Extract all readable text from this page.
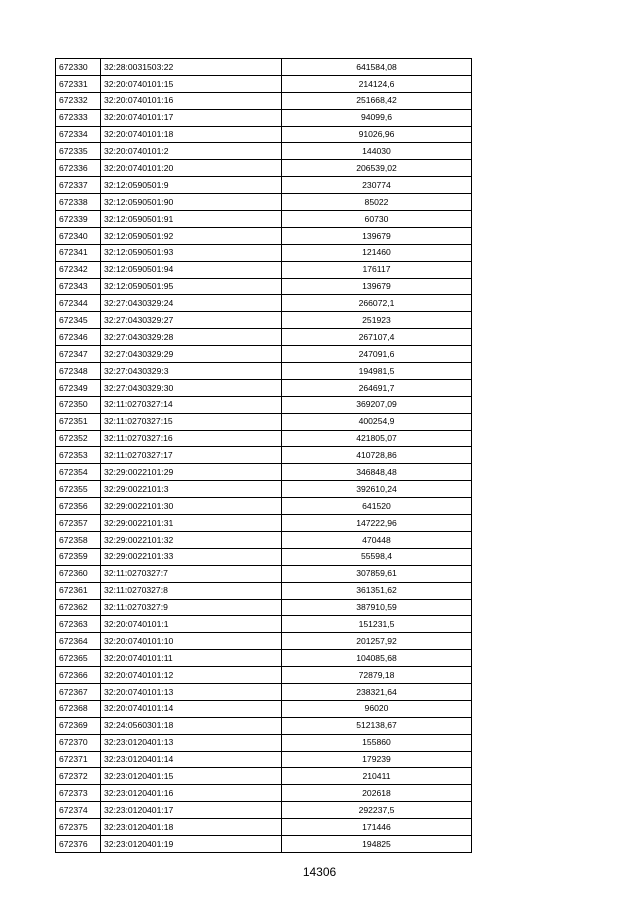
672330	32:28:0031503:22	641584,08
672331	32:20:0740101:15	214124,6
672332	32:20:0740101:16	251668,42
672333	32:20:0740101:17	94099,6
672334	32:20:0740101:18	91026,96
672335	32:20:0740101:2	144030
672336	32:20:0740101:20	206539,02
672337	32:12:0590501:9	230774
672338	32:12:0590501:90	85022
672339	32:12:0590501:91	60730
672340	32:12:0590501:92	139679
672341	32:12:0590501:93	121460
672342	32:12:0590501:94	176117
672343	32:12:0590501:95	139679
672344	32:27:0430329:24	266072,1
672345	32:27:0430329:27	251923
672346	32:27:0430329:28	267107,4
672347	32:27:0430329:29	247091,6
672348	32:27:0430329:3	194981,5
672349	32:27:0430329:30	264691,7
672350	32:11:0270327:14	369207,09
672351	32:11:0270327:15	400254,9
672352	32:11:0270327:16	421805,07
672353	32:11:0270327:17	410728,86
672354	32:29:0022101:29	346848,48
672355	32:29:0022101:3	392610,24
672356	32:29:0022101:30	641520
672357	32:29:0022101:31	147222,96
672358	32:29:0022101:32	470448
672359	32:29:0022101:33	55598,4
672360	32:11:0270327:7	307859,61
672361	32:11:0270327:8	361351,62
672362	32:11:0270327:9	387910,59
672363	32:20:0740101:1	151231,5
672364	32:20:0740101:10	201257,92
672365	32:20:0740101:11	104085,68
672366	32:20:0740101:12	72879,18
672367	32:20:0740101:13	238321,64
672368	32:20:0740101:14	96020
672369	32:24:0560301:18	512138,67
672370	32:23:0120401:13	155860
672371	32:23:0120401:14	179239
672372	32:23:0120401:15	210411
672373	32:23:0120401:16	202618
672374	32:23:0120401:17	292237,5
672375	32:23:0120401:18	171446
672376	32:23:0120401:19	194825
14306
